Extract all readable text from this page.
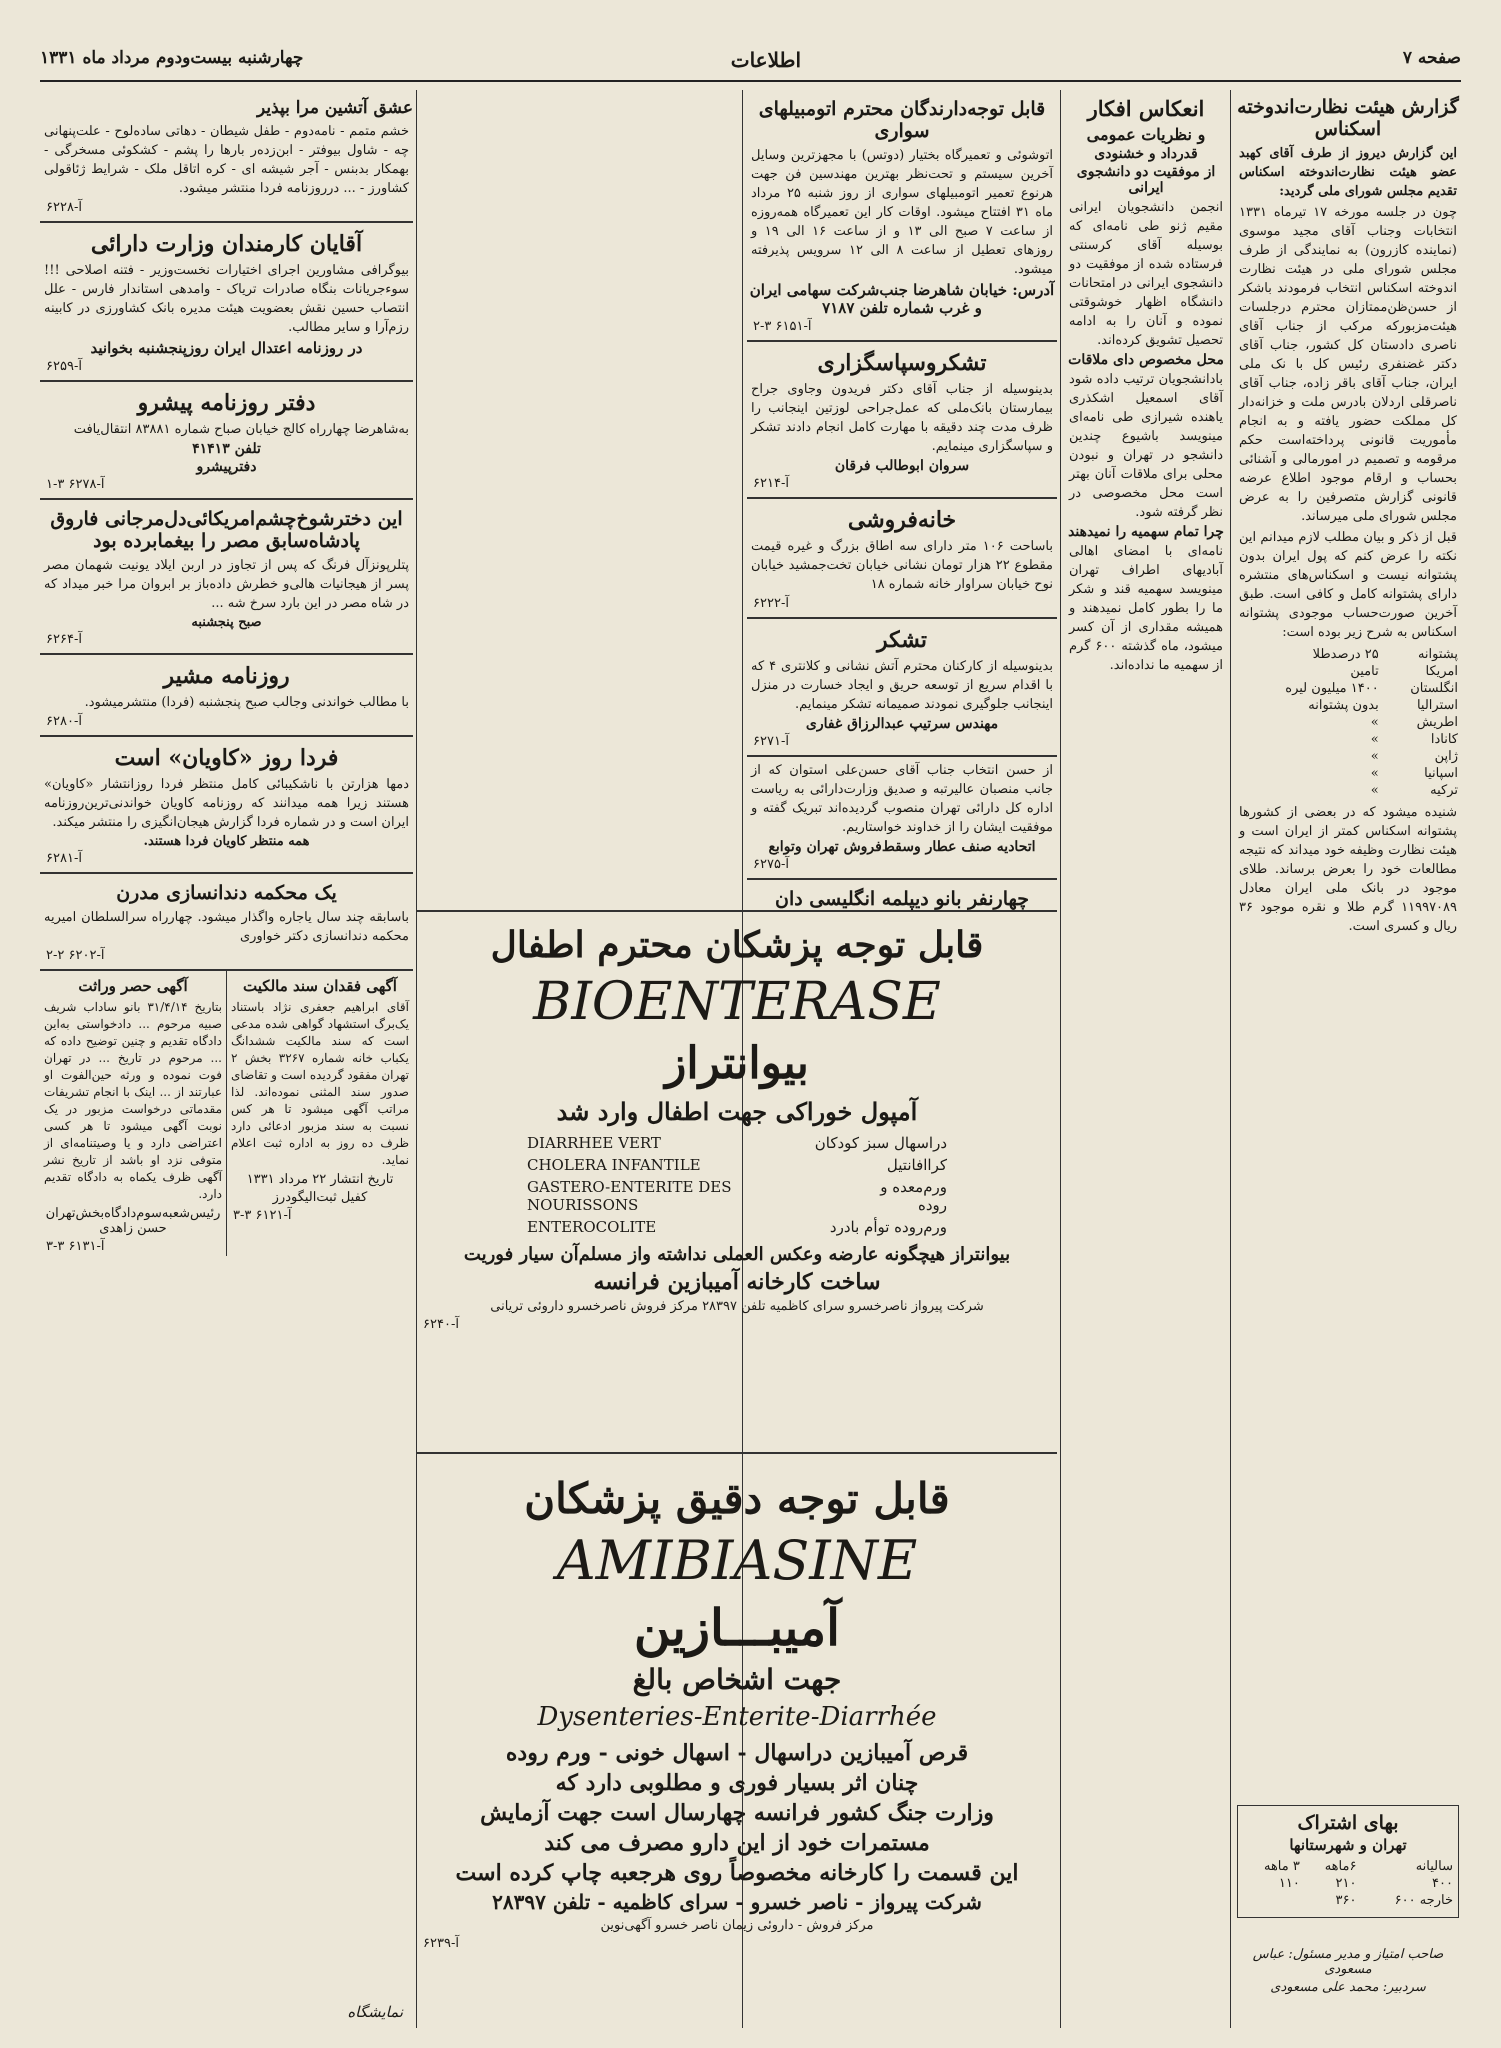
صفحه ۷
اطلاعات
چهارشنبه بیست‌ودوم مرداد ماه ۱۳۳۱
گزارش هیئت نظارت‌اندوخته اسکناس
این گزارش دیروز از طرف آقای کهبد عضو هیئت نظارت‌اندوخته اسکناس تقدیم مجلس شورای ملی گردید:
چون در جلسه مورخه ۱۷ تیرماه ۱۳۳۱ انتخابات وجناب آقای مجید موسوی (نماینده کازرون) به نمایندگی از طرف مجلس شورای ملی در هیئت نظارت اندوخته اسکناس انتخاب فرمودند باشکر از حسن‌ظن‌ممتازان محترم درجلسات هیئت‌مزبورکه مرکب از جناب آقای ناصری دادستان کل کشور، جناب آقای دکتر غضنفری رئیس کل با نک ملی ایران، جناب آقای باقر زاده، جناب آقای ناصرقلی اردلان بادرس ملت و خزانه‌دار کل مملکت حضور یافته و به انجام مأموریت قانونی پرداخته‌است حکم مرقومه و تصمیم در امورمالی و آشنائی بحساب و ارقام موجود اطلاع عرضه قانونی گزارش متصرفین را به عرض مجلس شورای ملی میرساند.
قبل از ذکر و بیان مطلب لازم میدانم این نکته را عرض کنم که پول ایران بدون پشتوانه نیست و اسکناس‌های منتشره دارای پشتوانه کامل و کافی است. طبق آخرین صورت‌حساب موجودی پشتوانه اسکناس به شرح زیر بوده است:
پشتوانه	۲۵ درصدطلا
امریکا	تامین
انگلستان	۱۴۰۰ میلیون لیره
استرالیا	بدون پشتوانه
اطریش	»
کانادا	»
ژاپن	»
اسپانیا	»
ترکیه	»
شنیده میشود که در بعضی از کشورها پشتوانه اسکناس کمتر از ایران است و هیئت نظارت وظیفه خود میداند که نتیجه مطالعات خود را بعرض برساند. طلای موجود در بانک ملی ایران معادل ۱۱۹۹۷۰۸۹ گرم طلا و نقره موجود ۳۶ ریال و کسری است.
بهای اشتراک
تهران و شهرستانها
سالیانه	۶ماهه	۳ ماهه
۴۰۰	۲۱۰	۱۱۰
خارجه ۶۰۰	۳۶۰	
صاحب امتیاز و مدیر مسئول: عباس مسعودی
سردبیر: محمد علی مسعودی
انعکاس افکار
و نظریات عمومی
قدرداد و خشنودی
از موفقیت دو دانشجوی ایرانی
انجمن دانشجویان ایرانی مقیم ژنو طی نامه‌ای که بوسیله آقای کرسنتی فرستاده شده از موفقیت دو دانشجوی ایرانی در امتحانات دانشگاه اظهار خوشوقتی نموده و آنان را به ادامه تحصیل تشویق کرده‌اند.
محل مخصوص دای ملاقات
بادانشجویان ترتیب داده شود آقای اسمعیل اشکذری یاهنده شیرازی طی نامه‌ای مینویسد باشیوع چندین دانشجو در تهران و نبودن محلی برای ملاقات آنان بهتر است محل مخصوصی در نظر گرفته شود.
چرا تمام سهمیه را نمیدهند
نامه‌ای با امضای اهالی آبادیهای اطراف تهران مینویسد سهمیه قند و شکر ما را بطور کامل نمیدهند و همیشه مقداری از آن کسر میشود، ماه گذشته ۶۰۰ گرم از سهمیه ما نداده‌اند.
قابل توجه‌دارندگان محترم اتومبیلهای سواری
اتوشوئی و تعمیرگاه بختیار (دوتس) با مجهزترین وسایل آخرین سیستم و تحت‌نظر بهترین مهندسین فن جهت هرنوع تعمیر اتومبیلهای سواری از روز شنبه ۲۵ مرداد ماه ۳۱ افتتاح میشود. اوقات کار این تعمیرگاه همه‌روزه از ساعت ۷ صبح الی ۱۳ و از ساعت ۱۶ الی ۱۹ و روزهای تعطیل از ساعت ۸ الی ۱۲ سرویس پذیرفته میشود.
آدرس: خیابان شاهرضا جنب‌شرکت سهامی ایران و غرب شماره تلفن ۷۱۸۷
آ-۶۱۵۱ ۳-۲
تشکروسپاسگزاری
بدینوسیله از جناب آقای دکتر فریدون وجاوی جراح بیمارستان بانک‌ملی که عمل‌جراحی لوزتین اینجانب را ظرف مدت چند دقیقه با مهارت کامل انجام دادند تشکر و سپاسگزاری مینمایم.
سروان ابوطالب فرقان
آ-۶۲۱۴
خانه‌فروشی
باساحت ۱۰۶ متر دارای سه اطاق بزرگ و غیره قیمت مقطوع ۲۲ هزار تومان نشانی خیابان تخت‌جمشید خیابان نوح خیابان سراوار خانه شماره ۱۸
آ-۶۲۲۲
تشکر
بدینوسیله از کارکنان محترم آتش نشانی و کلانتری ۴ که با اقدام سریع از توسعه حریق و ایجاد خسارت در منزل اینجانب جلوگیری نمودند صمیمانه تشکر مینمایم.
مهندس سرتیپ عبدالرزاق غفاری
آ-۶۲۷۱
از حسن انتخاب جناب آقای حسن‌علی استوان که از جانب منصبان عالیرتبه و صدیق وزارت‌دارائی به ریاست اداره کل دارائی تهران منصوب گردیده‌اند تبریک گفته و موفقیت ایشان را از خداوند خواستاریم.
اتحادیه صنف عطار وسقط‌فروش تهران وتوابع
آ-۶۲۷۵
چهارنفر بانو دیپلمه انگلیسی دان
عشق آتشین مرا بپذیر
خشم متمم - نامه‌دوم - طفل شیطان - دهاتی ساده‌لوح - علت‌پنهانی چه - شاول بیوفتر - ابن‌زده‌ر بارها را پشم - کشکوئی مسخرگی - بهمکار بدبنس - آجر شیشه ای - کره اتاقل ملک - شرایط ژئاقولی کشاورز - ... درروزنامه فردا منتشر میشود.
آ-۶۲۲۸
آقایان کارمندان وزارت دارائی
بیوگرافی مشاورین اجرای اختیارات نخست‌وزیر - فتنه اصلاحی !!! سوءجریانات بنگاه صادرات تریاک - وامدهی استاندار فارس - علل انتصاب حسین نقش بعضویت هیئت مدیره بانک کشاورزی در کابینه رزم‌آرا و سایر مطالب.
در روزنامه اعتدال ایران روزپنجشنبه بخوانید
آ-۶۲۵۹
دفتر روزنامه پیشرو
به‌شاهرضا چهارراه کالج خیابان صباح شماره ۸۳۸۸۱ انتقال‌یافت
تلفن ۴۱۴۱۳
دفترپیشرو
آ-۶۲۷۸ ۳-۱
این دخترشوخ‌چشم‌امریکائی‌دل‌مرجانی فاروق پادشاه‌سابق مصر را بیغمابرده بود
پتلر‌پونز‌آل فرنگ که پس از تجاوز در اربن ایلاد یونیت شهمان مصر پسر از هیجانیات هالی‌و خطرش داده‌باز بر ابروان مرا خبر میداد که در شاه مصر در این بارد سرخ شه ...
صبح پنجشنبه
آ-۶۲۶۴
روزنامه مشیر
با مطالب خواندنی وجالب صبح پنجشنبه (فردا) منتشرمیشود.
آ-۶۲۸۰
فردا روز «کاویان» است
دمها هزارتن با ناشکیبائی کامل منتظر فردا روزانتشار «کاویان» هستند زیرا همه میدانند که روزنامه کاویان خواندنی‌ترین‌روزنامه ایران است و در شماره فردا گزارش هیجان‌انگیزی را منتشر میکند.
همه منتظر کاویان فردا هستند.
آ-۶۲۸۱
یک محکمه دندانسازی مدرن
باسابقه چند سال یاجاره واگذار میشود. چهارراه سرالسلطان امیریه محکمه دندانسازی دکتر خواوری
آ-۶۲۰۲ ۲-۲
آگهی فقدان سند مالکیت
آقای ابراهیم جعفری نژاد باستناد یک‌برگ استشهاد گواهی شده مدعی است که سند مالکیت ششدانگ یکباب خانه شماره ۳۲۶۷ بخش ۲ تهران مفقود گردیده است و تقاضای صدور سند المثنی نموده‌اند. لذا مراتب آگهی میشود تا هر کس نسبت به سند مزبور ادعائی دارد ظرف ده روز به اداره ثبت اعلام نماید.
تاریخ انتشار ۲۲ مرداد ۱۳۳۱
کفیل ثبت‌الیگودرز
آ-۶۱۲۱ ۳-۳
آگهی حصر وراثت
بتاریخ ۳۱/۴/۱۴ بانو ساداب شریف صبیه مرحوم ... دادخواستی به‌این دادگاه تقدیم و چنین توضیح داده که ... مرحوم در تاریخ ... در تهران فوت نموده و ورثه حین‌الفوت او عبارتند از ... اینک با انجام تشریفات مقدماتی درخواست مزبور در یک نوبت آگهی میشود تا هر کسی اعتراضی دارد و یا وصیتنامه‌ای از متوفی نزد او باشد از تاریخ نشر آگهی ظرف یکماه به دادگاه تقدیم دارد.
رئیس‌شعبه‌سوم‌دادگاه‌بخش‌تهران حسن زاهدی
آ-۶۱۳۱ ۳-۳
نمایشگاه
قابل توجه پزشکان محترم اطفال
BIOENTERASE
بیوانتراز
آمپول خوراکی جهت اطفال وارد شد
دراسهال سبز کودکان
DIARRHEE VERT
کراافانتیل
CHOLERA INFANTILE
ورم‌معده و روده
GASTERO-ENTERITE DES NOURISSONS
ورم‌روده توأم بادرد
ENTEROCOLITE
بیوانتراز هیچگونه عارضه وعکس العملی نداشته واز مسلم‌آن سیار فوریت
ساخت کارخانه آمیبازین فرانسه
شرکت پیرواز ناصرخسرو سرای کاظمیه تلفن ۲۸۳۹۷ مرکز فروش ناصرخسرو داروئی تریانی
آ-۶۲۴۰
قابل توجه دقیق پزشکان
AMIBIASINE
آمیبـــازین
جهت اشخاص بالغ
Dysenteries-Enterite-Diarrhée
قرص آمیبازین دراسهال - اسهال خونی - ورم روده
چنان اثر بسیار فوری و مطلوبی دارد که
وزارت جنگ کشور فرانسه چهارسال است جهت آزمایش
مستمرات خود از این دارو مصرف می کند
این قسمت را کارخانه مخصوصاً روی هرجعبه چاپ کرده است
شرکت پیرواز - ناصر خسرو - سرای کاظمیه - تلفن ۲۸۳۹۷
مرکز فروش - داروئی زیمان ناصر خسرو آگهی‌نوین
آ-۶۲۳۹
